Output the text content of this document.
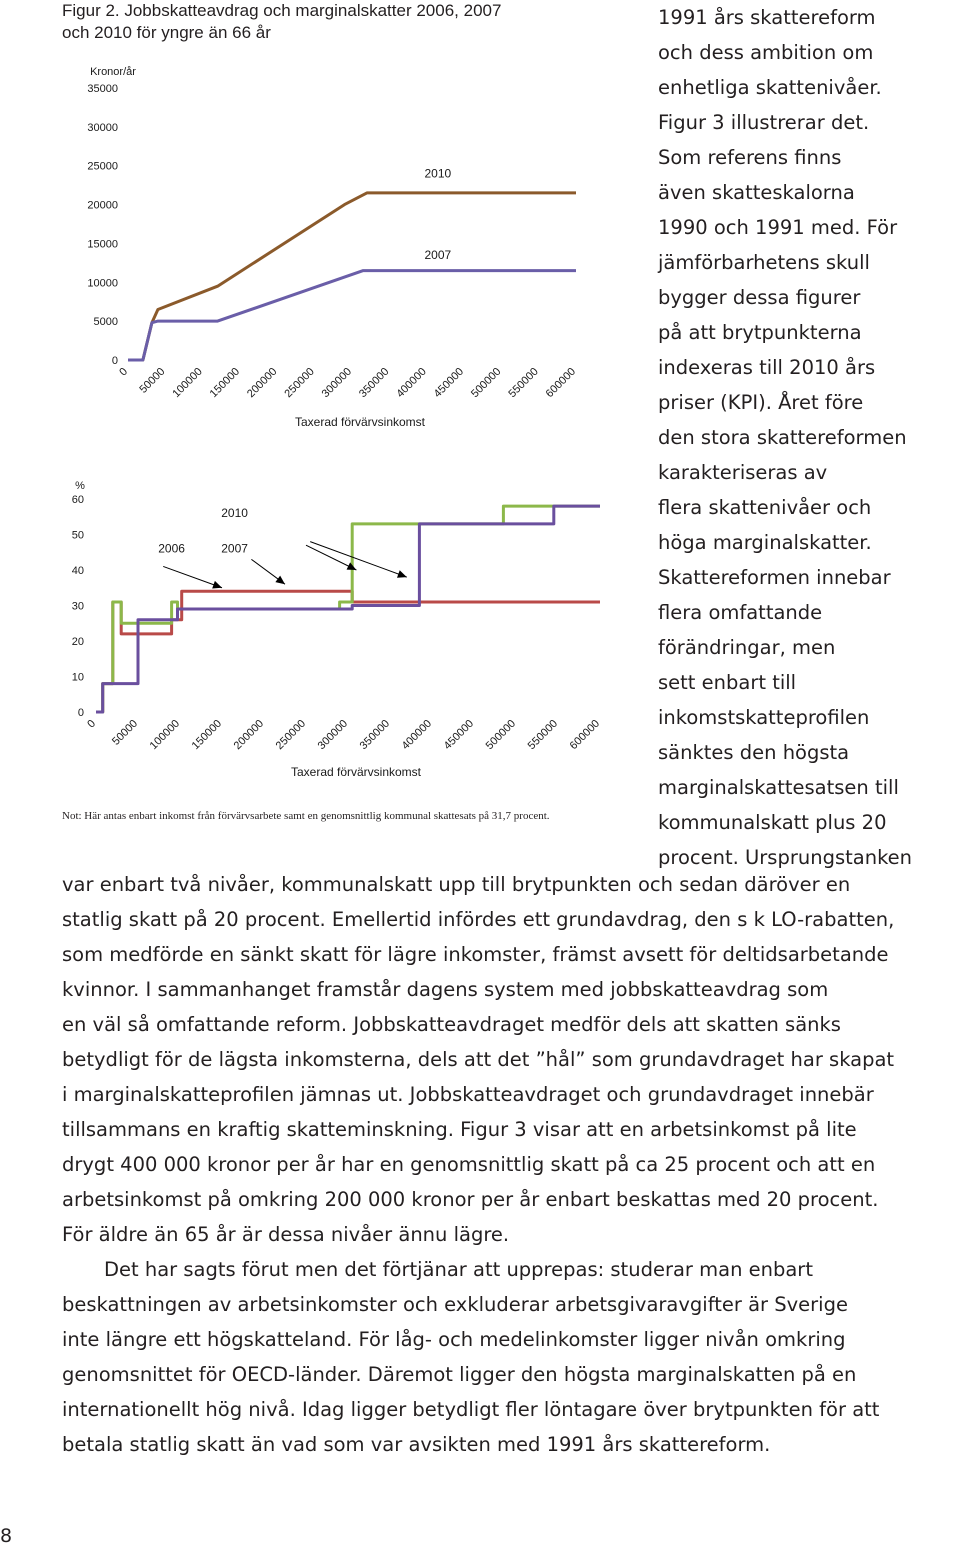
Figur 2. Jobbskatteavdrag och marginalskatter 2006, 2007
och 2010 för yngre än 66 år
Kronor/år
0
5000
10000
15000
20000
25000
30000
35000
0 50000 100000 150000 200000 250000 300000 350000 400000 450000 500000 550000 600000
Taxerad förvärvsinkomst
2010
2007
%
0
10
20
30
40
50
60
0 50000 100000 150000 200000 250000 300000 350000 400000 450000 500000 550000 600000
Taxerad förvärvsinkomst
2010
2006	2007
Not: Här antas enbart inkomst från förvärvsarbete samt en genomsnittlig kommunal skattesats på 31,7 procent.
1991 års skattereform
och dess ambition om
enhetliga skattenivåer.
Figur 3 illustrerar det.
Som referens finns
även skatteskalorna
1990 och 1991 med. För
jämförbarhetens skull
bygger dessa figurer
på att brytpunkterna
indexeras till 2010 års
priser (KPI). Året före
den stora skattereformen
karakteriseras av
flera skattenivåer och
höga marginalskatter.
Skattereformen innebar
flera omfattande
förändringar, men
sett enbart till
inkomstskatteprofilen
sänktes den högsta
marginalskattesatsen till
kommunalskatt plus 20
procent. Ursprungstanken
var enbart två nivåer, kommunalskatt upp till brytpunkten och sedan däröver en
statlig skatt på 20 procent. Emellertid infördes ett grundavdrag, den s k LO-rabatten,
som medförde en sänkt skatt för lägre inkomster, främst avsett för deltidsarbetande
kvinnor. I sammanhanget framstår dagens system med jobbskatteavdrag som
en väl så omfattande reform. Jobbskatteavdraget medför dels att skatten sänks
betydligt för de lägsta inkomsterna, dels att det ”hål” som grundavdraget har skapat
i marginalskatteprofilen jämnas ut. Jobbskatteavdraget och grundavdraget innebär
tillsammans en kraftig skatteminskning. Figur 3 visar att en arbetsinkomst på lite
drygt 400 000 kronor per år har en genomsnittlig skatt på ca 25 procent och att en
arbetsinkomst på omkring 200 000 kronor per år enbart beskattas med 20 procent.
För äldre än 65 år är dessa nivåer ännu lägre.
Det har sagts förut men det förtjänar att upprepas: studerar man enbart
beskattningen av arbetsinkomster och exkluderar arbetsgivaravgifter är Sverige
inte längre ett högskatteland. För låg- och medelinkomster ligger nivån omkring
genomsnittet för OECD-länder. Däremot ligger den högsta marginalskatten på en
internationellt hög nivå. Idag ligger betydligt fler löntagare över brytpunkten för att
betala statlig skatt än vad som var avsikten med 1991 års skattereform.
8
